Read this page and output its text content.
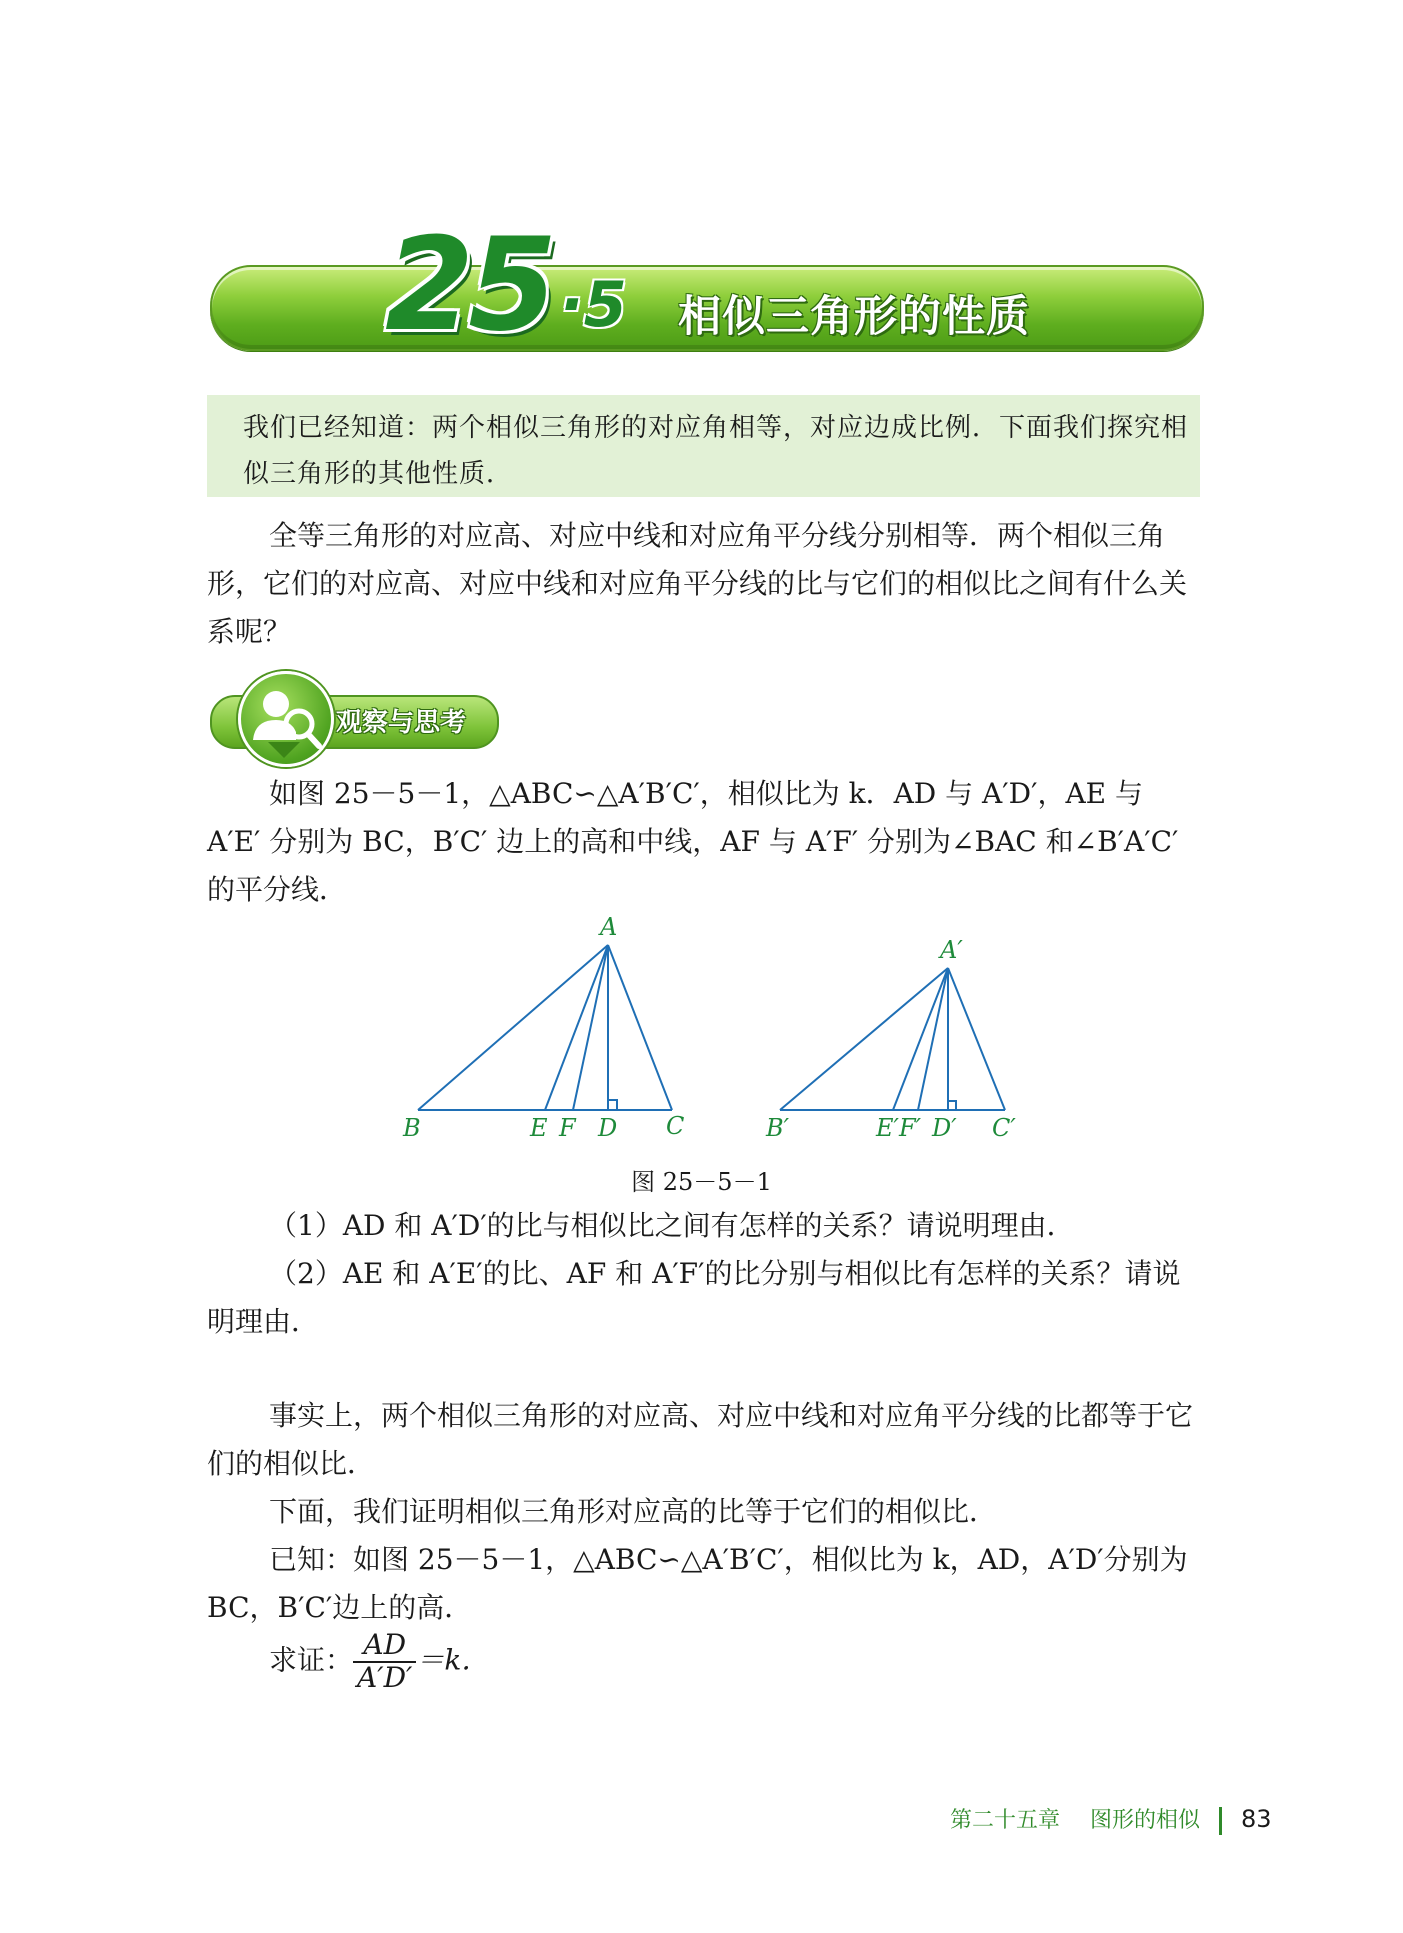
25 ·5 相似三角形的性质
我们已经知道：两个相似三角形的对应角相等，对应边成比例．下面我们探究相似三角形的其他性质．
全等三角形的对应高、对应中线和对应角平分线分别相等．两个相似三角形，它们的对应高、对应中线和对应角平分线的比与它们的相似比之间有什么关系呢？
观察与思考
如图 25－5－1，△ABC∽△A′B′C′，相似比为 k．AD 与 A′D′，AE 与 A′E′ 分别为 BC，B′C′ 边上的高和中线，AF 与 A′F′ 分别为∠BAC 和∠B′A′C′的平分线．
A
B	C
D
E F
A′
B′	C′
D′
E′F′
图 25－5－1
（1）AD 和 A′D′的比与相似比之间有怎样的关系？请说明理由．
（2）AE 和 A′E′的比、AF 和 A′F′的比分别与相似比有怎样的关系？请说明理由．
事实上，两个相似三角形的对应高、对应中线和对应角平分线的比都等于它们的相似比．
下面，我们证明相似三角形对应高的比等于它们的相似比．
已知：如图 25－5－1，△ABC∽△A′B′C′，相似比为 k，AD，A′D′分别为 BC，B′C′边上的高．
求证： $\frac{AD}{A'D'} =k$．
第二十五章 图形的相似 83
